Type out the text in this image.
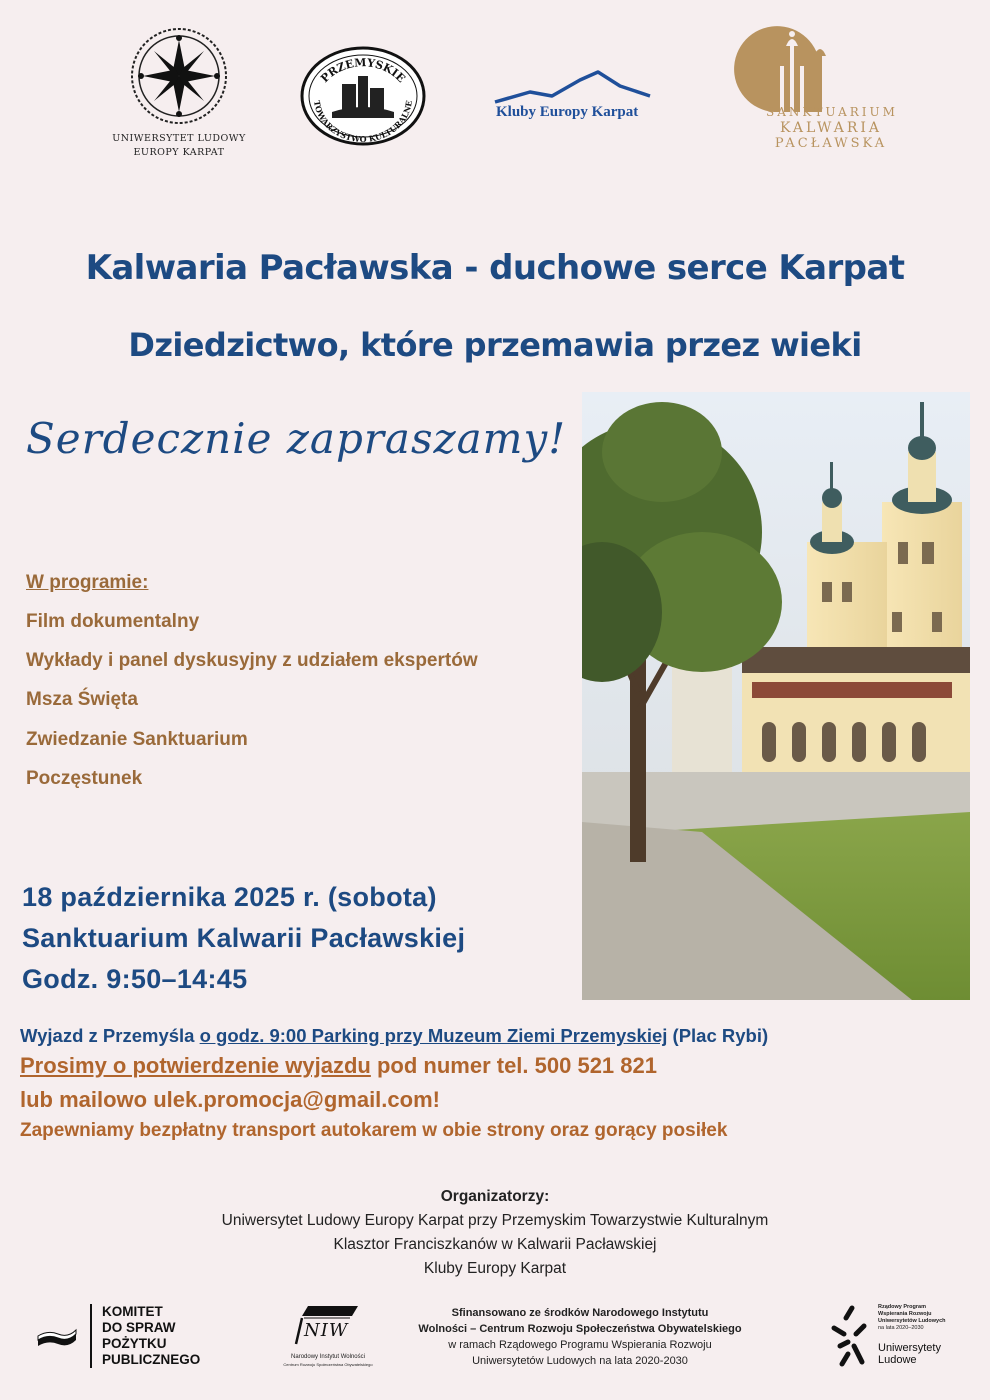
UNIWERSYTET LUDOWY
EUROPY KARPAT
PRZEMYSKIE
TOWARZYSTWO KULTURALNE
Kluby Europy Karpat	SANKTUARIUM
KALWARIA
PACŁAWSKA
Kalwaria Pacławska - duchowe serce Karpat
Dziedzictwo, które przemawia przez wieki
Serdecznie zapraszamy!
W programie:
Film dokumentalny
Wykłady i panel dyskusyjny z udziałem ekspertów
Msza Święta
Zwiedzanie Sanktuarium
Poczęstunek
18 października 2025 r. (sobota)
Sanktuarium Kalwarii Pacławskiej
Godz. 9:50–14:45
Wyjazd z Przemyśla o godz. 9:00 Parking przy Muzeum Ziemi Przemyskiej (Plac Rybi)
Prosimy o potwierdzenie wyjazdu pod numer tel. 500 521 821
lub mailowo ulek.promocja@gmail.com!
Zapewniamy bezpłatny transport autokarem w obie strony oraz gorący posiłek
Organizatorzy:
Uniwersytet Ludowy Europy Karpat przy Przemyskim Towarzystwie Kulturalnym
Klasztor Franciszkanów w Kalwarii Pacławskiej
Kluby Europy Karpat
KOMITET
DO SPRAW
POŻYTKU
PUBLICZNEGO
NIW
Narodowy Instytut Wolności
Centrum Rozwoju Społeczeństwa Obywatelskiego
Sfinansowano ze środków Narodowego Instytutu
Wolności – Centrum Rozwoju Społeczeństwa Obywatelskiego
w ramach Rządowego Programu Wspierania Rozwoju
Uniwersytetów Ludowych na lata 2020-2030
Rządowy Program
Wspierania Rozwoju
Uniwersytetów Ludowych
na lata 2020–2030
Uniwersytety
Ludowe
